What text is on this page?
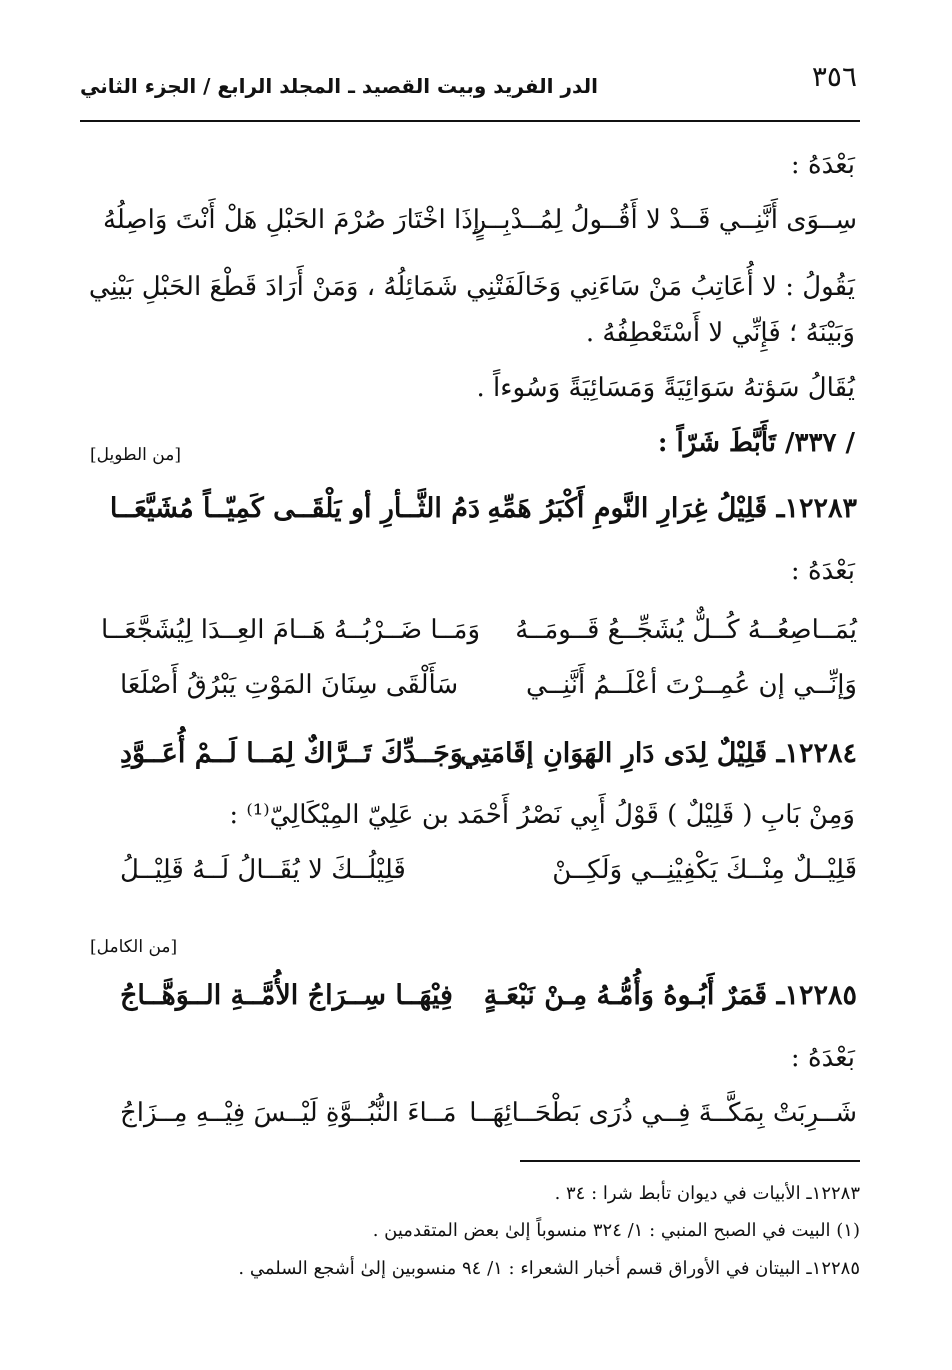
٣٥٦
الدر الفريد وبيت القصيد ـ المجلد الرابع / الجزء الثاني
بَعْدَهُ :
سِــوَى أَنَّنِــي قَــدْ لا أَقُــولُ لِمُــدْبِــرٍ
إذَا اخْتَارَ صُرْمَ الحَبْلِ هَلْ أَنْتَ وَاصِلُهُ
يَقُولُ : لا أُعَاتِبُ مَنْ سَاءَنِي وَخَالَفَتْنِي شَمَائِلُهُ ، وَمَنْ أَرَادَ قَطْعَ الحَبْلِ بَيْنِي
وَبَيْنَهُ ؛ فَإِنِّي لا أَسْتَعْطِفُهُ .
يُقَالُ سَؤتهُ سَوَائِيَةً وَمَسَائِيَةً وَسُوءاً .
/ ٣٣٧/ تَأَبَّطَ شَرّاً :
[من الطويل]
١٢٢٨٣ـ قَلِيْلُ غِرَارِ النَّومِ أَكْبَرُ هَمِّهِ
دَمُ الثَّــأرِ أو يَلْقَــى كَمِيّــاً مُشَيَّعَــا
بَعْدَهُ :
يُمَــاصِعُــهُ كُــلٌّ يُشَجِّــعُ قَــومَــهُ
وَمَــا ضَــرْبُــهُ هَــامَ العِــدَا لِيُشَجَّعَــا
وَإنِّــي إن عُمِــرْتَ أعْلَــمُ أَنَّنِــي
سَأَلْقَى سِنَانَ المَوْتِ يَبْرُقُ أَصْلَعَا
١٢٢٨٤ـ قَلِيْلٌ لِدَى دَارِ الهَوَانِ إقَامَتِي
وَجَــدِّكَ تَــرَّاكٌ لِمَــا لَــمْ أُعَــوَّدِ
وَمِنْ بَابِ ( قَلِيْلٌ ) قَوْلُ أَبِي نَصْرُ أَحْمَد بن عَلِيّ المِيْكَالِيّ⁽¹⁾ :
قَلِيْــلٌ مِنْــكَ يَكْفِيْنِــي وَلَكِــنْ
قَلِيْلُــكَ لا يُقَــالُ لَــهُ قَلِيْــلُ
[من الكامل]
١٢٢٨٥ـ قَمَرٌ أَبُـوهُ وَأُمُّـهُ مِـنْ نَبْعَـةٍ
فِيْهَــا سِــرَاجُ الأُمَّــةِ الــوَهَّــاجُ
بَعْدَهُ :
شَــرِبَتْ بِمَكَّــةَ فِــي ذُرَى بَطْحَــائِهَــا
مَــاءَ النُّبُــوَّةِ لَيْــسَ فِيْــهِ مِــزَاجُ
١٢٢٨٣ـ الأبيات في ديوان تأبط شرا : ٣٤ .
(١) البيت في الصبح المنبي : ١/ ٣٢٤ منسوباً إلىٰ بعض المتقدمين .
١٢٢٨٥ـ البيتان في الأوراق قسم أخبار الشعراء : ١/ ٩٤ منسوبين إلىٰ أشجع السلمي .
